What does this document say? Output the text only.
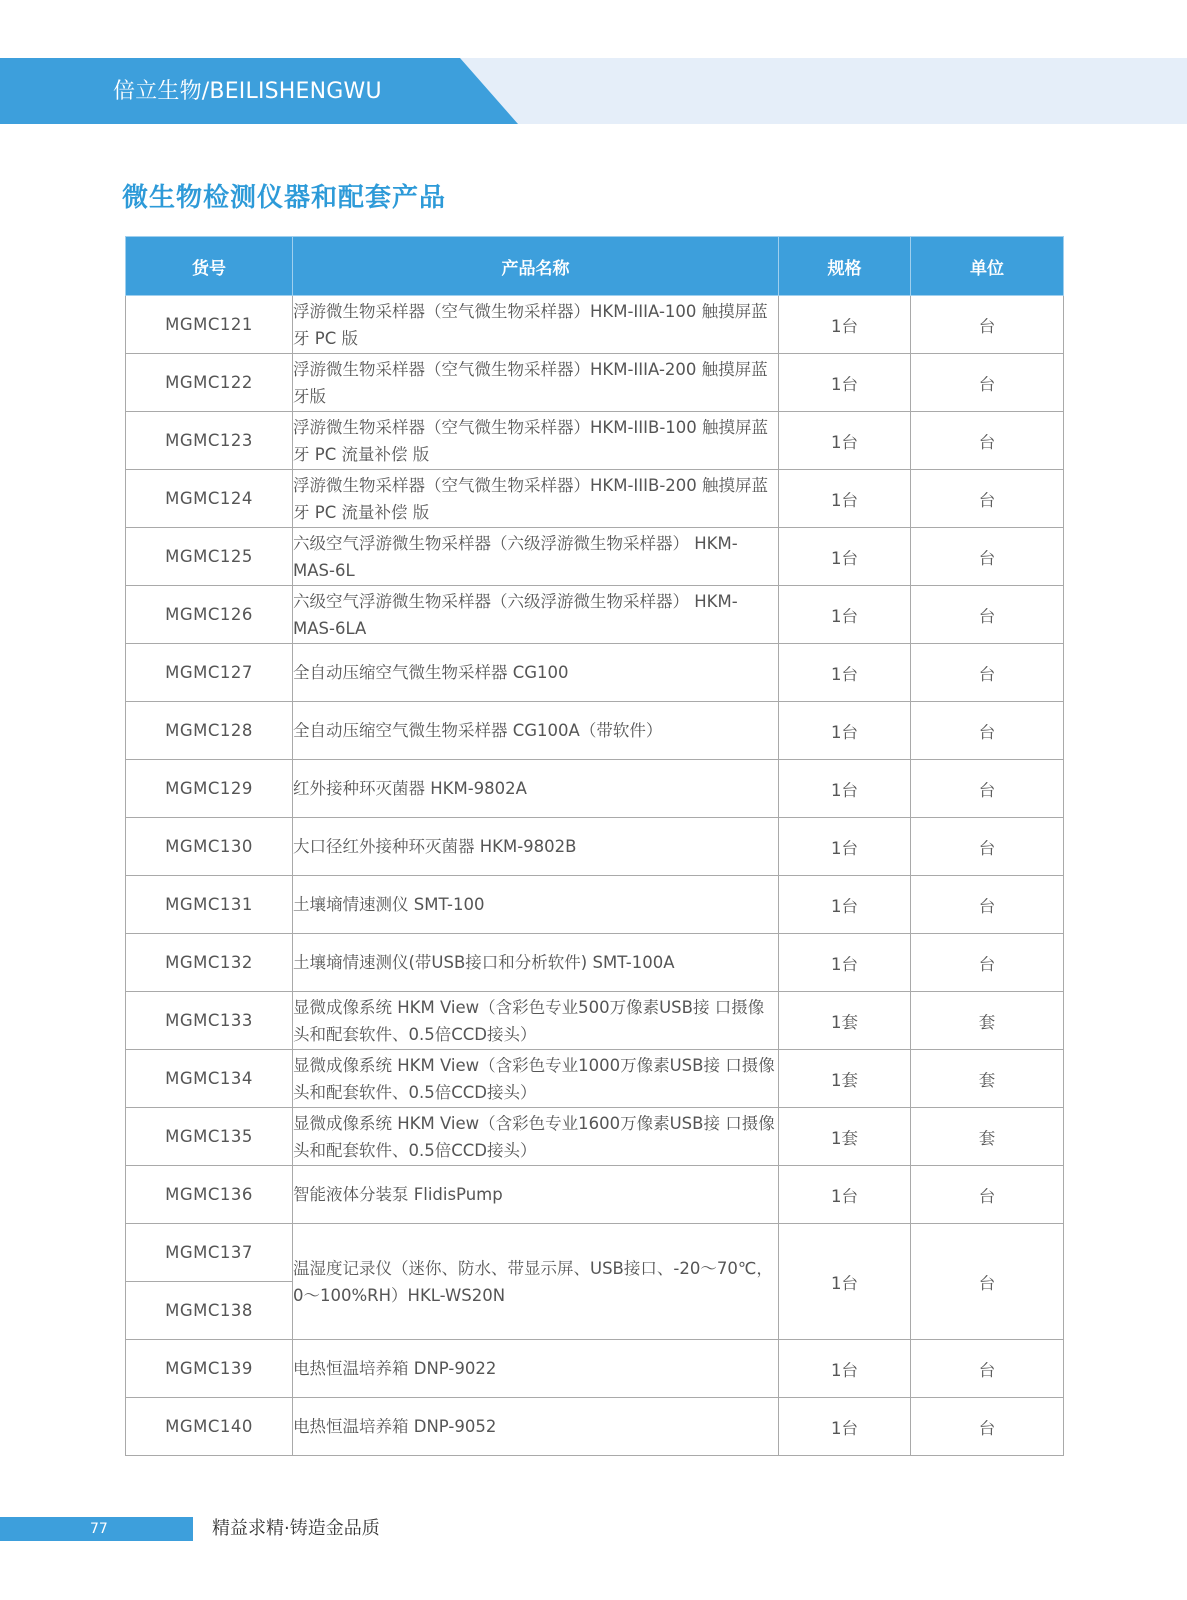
倍立生物/BEILISHENGWU
微生物检测仪器和配套产品
货号	产品名称	规格	单位
MGMC121	浮游微生物采样器（空气微生物采样器）HKM-IIIA-100 触摸屏蓝牙 PC 版	1台	台
MGMC122	浮游微生物采样器（空气微生物采样器）HKM-IIIA-200 触摸屏蓝牙版	1台	台
MGMC123	浮游微生物采样器（空气微生物采样器）HKM-IIIB-100 触摸屏蓝牙 PC 流量补偿 版	1台	台
MGMC124	浮游微生物采样器（空气微生物采样器）HKM-IIIB-200 触摸屏蓝牙 PC 流量补偿 版	1台	台
MGMC125	六级空气浮游微生物采样器（六级浮游微生物采样器） HKM-MAS-6L	1台	台
MGMC126	六级空气浮游微生物采样器（六级浮游微生物采样器） HKM-MAS-6LA	1台	台
MGMC127	全自动压缩空气微生物采样器 CG100	1台	台
MGMC128	全自动压缩空气微生物采样器 CG100A（带软件）	1台	台
MGMC129	红外接种环灭菌器 HKM-9802A	1台	台
MGMC130	大口径红外接种环灭菌器 HKM-9802B	1台	台
MGMC131	土壤墒情速测仪 SMT-100	1台	台
MGMC132	土壤墒情速测仪(带USB接口和分析软件) SMT-100A	1台	台
MGMC133	显微成像系统 HKM View（含彩色专业500万像素USB接 口摄像头和配套软件、0.5倍CCD接头）	1套	套
MGMC134	显微成像系统 HKM View（含彩色专业1000万像素USB接 口摄像头和配套软件、0.5倍CCD接头）	1套	套
MGMC135	显微成像系统 HKM View（含彩色专业1600万像素USB接 口摄像头和配套软件、0.5倍CCD接头）	1套	套
MGMC136	智能液体分装泵 FlidisPump	1台	台
MGMC137	温湿度记录仪（迷你、防水、带显示屏、USB接口、-20～70℃，0～100%RH）HKL-WS20N	1台	台
MGMC138			
MGMC139	电热恒温培养箱 DNP-9022	1台	台
MGMC140	电热恒温培养箱 DNP-9052	1台	台
77	精益求精·铸造金品质
